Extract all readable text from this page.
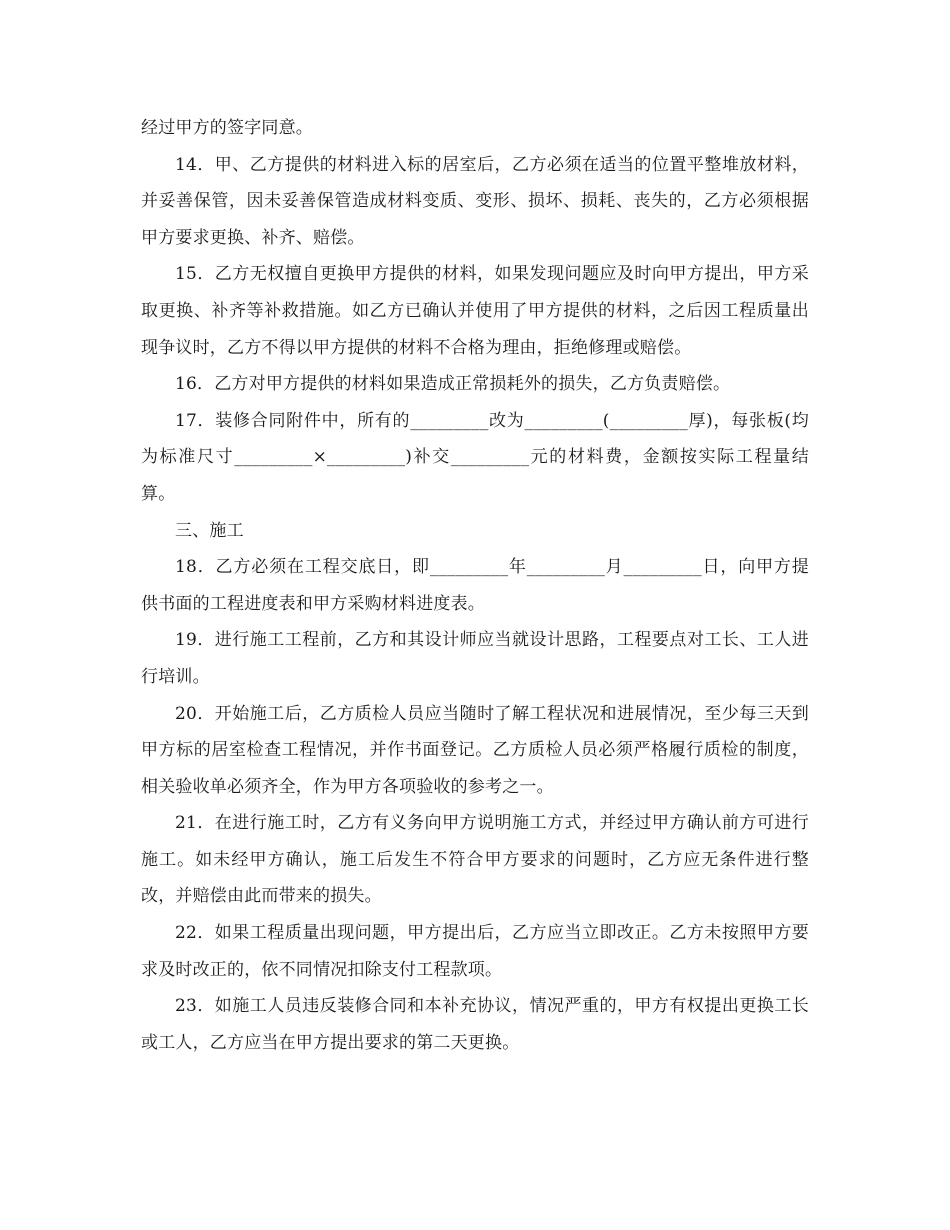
经过甲方的签字同意。

14．甲、乙方提供的材料进入标的居室后，乙方必须在适当的位置平整堆放材料，并妥善保管，因未妥善保管造成材料变质、变形、损坏、损耗、丧失的，乙方必须根据甲方要求更换、补齐、赔偿。

15．乙方无权擅自更换甲方提供的材料，如果发现问题应及时向甲方提出，甲方采取更换、补齐等补救措施。如乙方已确认并使用了甲方提供的材料，之后因工程质量出现争议时，乙方不得以甲方提供的材料不合格为理由，拒绝修理或赔偿。

16．乙方对甲方提供的材料如果造成正常损耗外的损失，乙方负责赔偿。

17．装修合同附件中，所有的_________改为_________(_________厚)，每张板(均为标准尺寸_________×_________)补交_________元的材料费，金额按实际工程量结算。

三、施工

18．乙方必须在工程交底日，即_________年_________月_________日，向甲方提供书面的工程进度表和甲方采购材料进度表。

19．进行施工工程前，乙方和其设计师应当就设计思路，工程要点对工长、工人进行培训。

20．开始施工后，乙方质检人员应当随时了解工程状况和进展情况，至少每三天到甲方标的居室检查工程情况，并作书面登记。乙方质检人员必须严格履行质检的制度，相关验收单必须齐全，作为甲方各项验收的参考之一。

21．在进行施工时，乙方有义务向甲方说明施工方式，并经过甲方确认前方可进行施工。如未经甲方确认，施工后发生不符合甲方要求的问题时，乙方应无条件进行整改，并赔偿由此而带来的损失。

22．如果工程质量出现问题，甲方提出后，乙方应当立即改正。乙方未按照甲方要求及时改正的，依不同情况扣除支付工程款项。

23．如施工人员违反装修合同和本补充协议，情况严重的，甲方有权提出更换工长或工人，乙方应当在甲方提出要求的第二天更换。
